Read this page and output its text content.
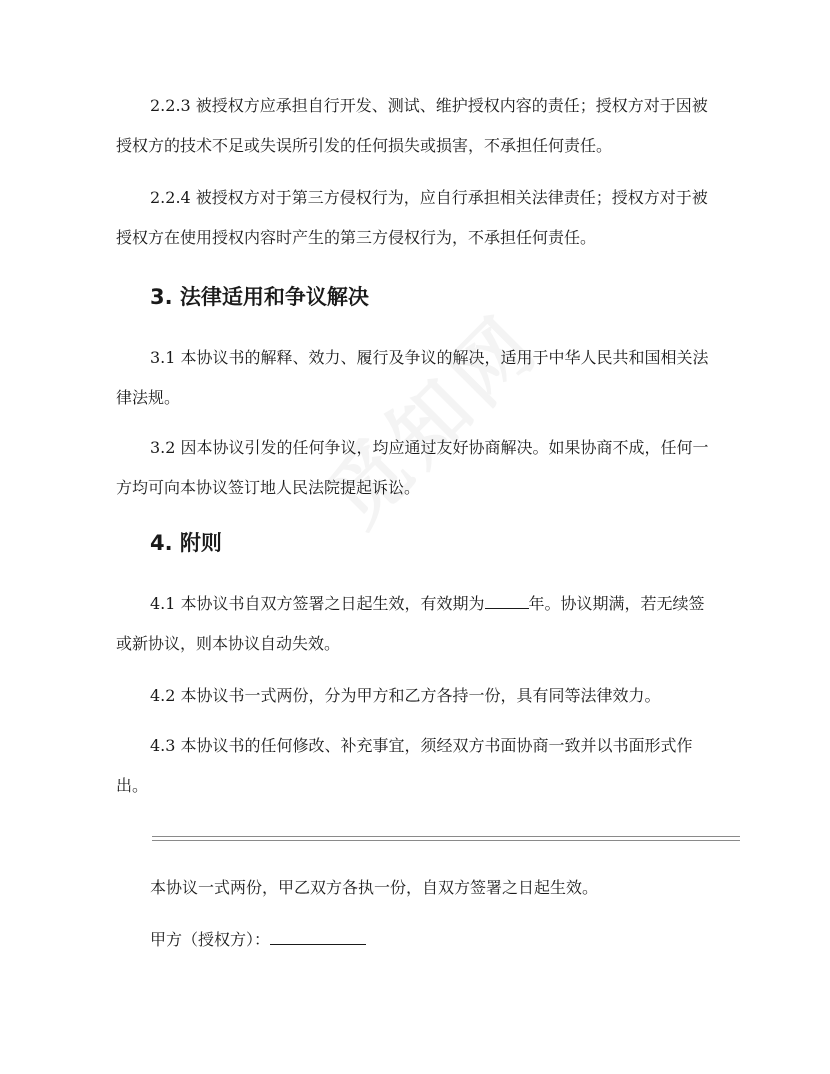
2.2.3 被授权方应承担自行开发、测试、维护授权内容的责任；授权方对于因被授权方的技术不足或失误所引发的任何损失或损害，不承担任何责任。

2.2.4 被授权方对于第三方侵权行为，应自行承担相关法律责任；授权方对于被授权方在使用授权内容时产生的第三方侵权行为，不承担任何责任。

3. 法律适用和争议解决

3.1 本协议书的解释、效力、履行及争议的解决，适用于中华人民共和国相关法律法规。

3.2 因本协议引发的任何争议，均应通过友好协商解决。如果协商不成，任何一方均可向本协议签订地人民法院提起诉讼。

4. 附则

4.1 本协议书自双方签署之日起生效，有效期为	年。协议期满，若无续签或新协议，则本协议自动失效。

4.2 本协议书一式两份，分为甲方和乙方各持一份，具有同等法律效力。

4.3 本协议书的任何修改、补充事宜，须经双方书面协商一致并以书面形式作出。

本协议一式两份，甲乙双方各执一份，自双方签署之日起生效。

甲方（授权方）：
